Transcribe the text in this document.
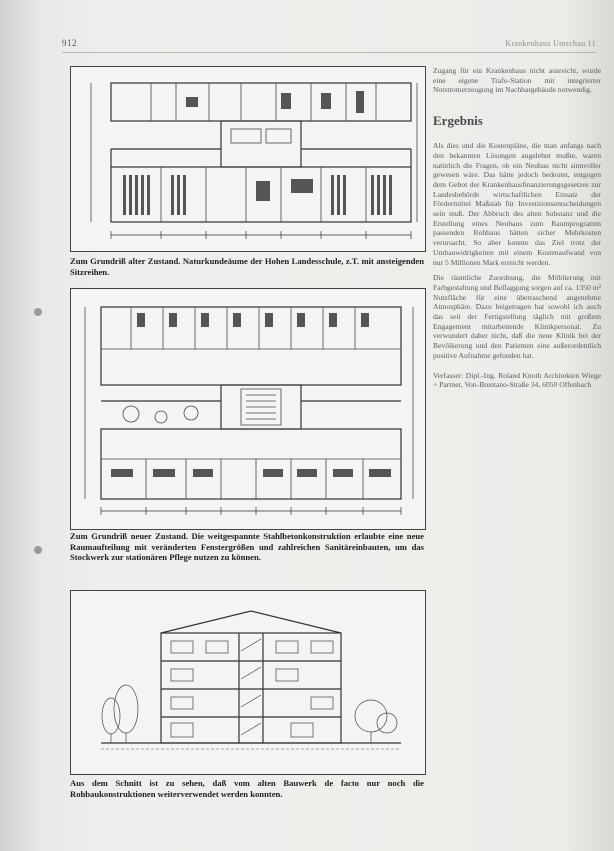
912	Krankenhaus Umschau 11
Zum Grundriß alter Zustand. Naturkundeäume der Hohen Landesschule, z.T. mit ansteigenden Sitzreihen.
Zum Grundriß neuer Zustand. Die weitgespannte Stahlbetonkonstruktion erlaubte eine neue Raumaufteilung mit veränderten Fenstergrößen und zahlreichen Sanitäreinbauten, um das Stockwerk zur stationären Pflege nutzen zu können.
Aus dem Schnitt ist zu sehen, daß vom alten Bauwerk de facto nur noch die Rohbaukonstruktionen weiterverwendet werden konnten.

Zugang für ein Krankenhaus nicht ausreicht, wurde eine eigene Trafo-Station mit integrierter Notstromerzeugung im Nachbargebäude notwendig.

Ergebnis

Als dies und die Kostenpläne, die man anfangs nach den bekannten Lösungen angelehnt mußte, waren natürlich die Fragen, ob ein Neubau nicht sinnvoller gewesen wäre. Das hätte jedoch bedeutet, entgegen dem Gebot der Krankenhausfinanzierungsgesetzes zur Landesbehörde wirtschaftlichen Einsatz der Fördermittel Maßstab für Investitionsentscheidungen sein muß. Der Abbruch des alten Substanz und die Erstellung eines Neubaus zum Raumprogramm passenden Rohbaus hätten sicher Mehrkosten verursacht. So aber konnte das Ziel trotz der Umbauwidrigkeiten mit einem Kostenaufwand von nur 5 Millionen Mark erreicht werden.

Die räumliche Zuordnung, die Möblierung mit Farbgestaltung und Beflaggung sorgen auf ca. 1350 m² Nutzfläche für eine überraschend angenehme Atmosphäre. Dazu beigetragen hat sowohl ich auch das seit der Fertigstellung täglich mit großem Engagement mitarbeitende Klinikpersonal. Zu verwundert daher nicht, daß die neue Klinik bei der Bevölkerung und den Patienten eine außerordentlich positive Aufnahme gefunden hat.

Verfasser: Dipl.-Ing. Roland Knoth Architekten Wiege + Partner, Von-Brentano-Straße 34, 6050 Offenbach
